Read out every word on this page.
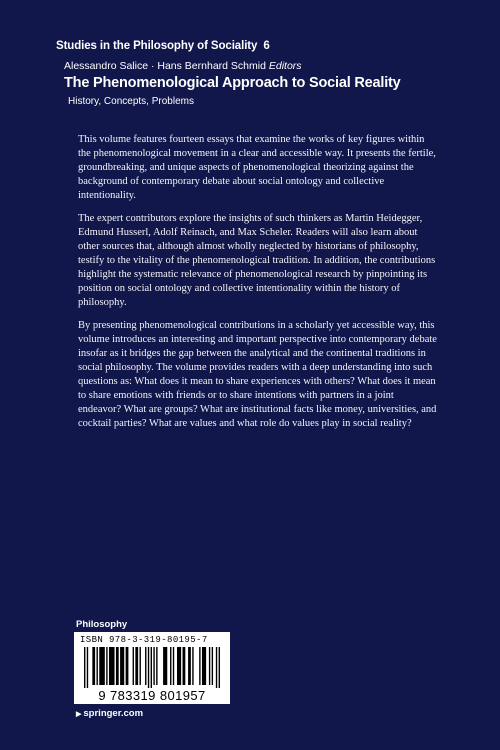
Studies in the Philosophy of Sociality 6
Alessandro Salice · Hans Bernhard Schmid Editors
The Phenomenological Approach to Social Reality
History, Concepts, Problems

This volume features fourteen essays that examine the works of key figures within the phenomenological movement in a clear and accessible way. It presents the fertile, groundbreaking, and unique aspects of phenomenological theorizing against the background of contemporary debate about social ontology and collective intentionality.

The expert contributors explore the insights of such thinkers as Martin Heidegger, Edmund Husserl, Adolf Reinach, and Max Scheler. Readers will also learn about other sources that, although almost wholly neglected by historians of philosophy, testify to the vitality of the phenomenological tradition. In addition, the contributions highlight the systematic relevance of phenomenological research by pinpointing its position on social ontology and collective intentionality within the history of philosophy.

By presenting phenomenological contributions in a scholarly yet accessible way, this volume introduces an interesting and important perspective into contemporary debate insofar as it bridges the gap between the analytical and the continental traditions in social philosophy. The volume provides readers with a deep understanding into such questions as: What does it mean to share experiences with others? What does it mean to share emotions with friends or to share intentions with partners in a joint endeavor? What are groups? What are institutional facts like money, universities, and cocktail parties? What are values and what role do values play in social reality?

Philosophy
ISBN 978-3-319-80195-7
9 783319 801957
▶ springer.com
